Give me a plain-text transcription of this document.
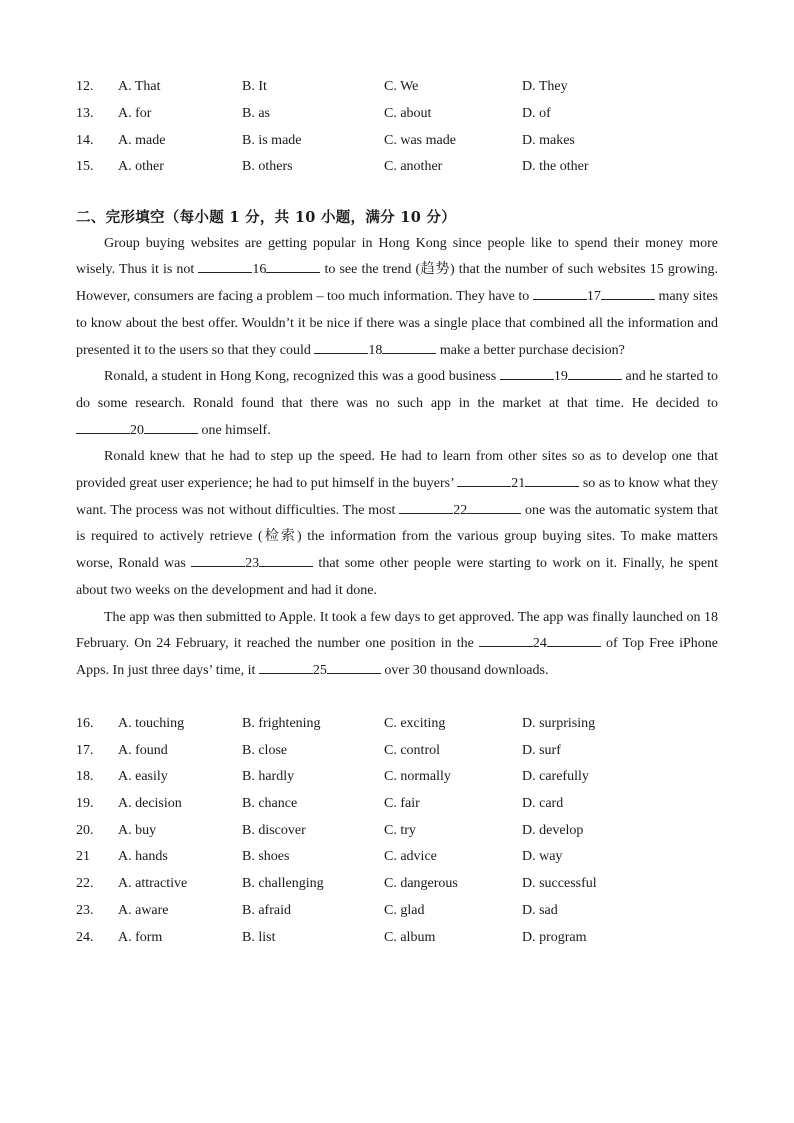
12.	A. That	B. It	C. We	D. They
13.	A. for	B. as	C. about	D. of
14.	A. made	B. is made	C. was made	D. makes
15.	A. other	B. others	C. another	D. the other
二、完形填空（每小题 1 分，共 10 小题，满分 10 分）

Group buying websites are getting popular in Hong Kong since people like to spend their money more wisely. Thus it is not	16	to see the trend (趋势) that the number of such websites 15 growing. However, consumers are facing a problem – too much information. They have to	17	many sites to know about the best offer. Wouldn’t it be nice if there was a single place that combined all the information and presented it to the users so that they could	18	make a better purchase decision?

Ronald, a student in Hong Kong, recognized this was a good business	19	and he started to do some research. Ronald found that there was no such app in the market at that time. He decided to 20	one himself.

Ronald knew that he had to step up the speed. He had to learn from other sites so as to develop one that provided great user experience; he had to put himself in the buyers’	21	so as to know what they want. The process was not without difficulties. The most	22	one was the automatic system that is required to actively retrieve (检索) the information from the various group buying sites. To make matters worse, Ronald was	23	that some other people were starting to work on it. Finally, he spent about two weeks on the development and had it done.

The app was then submitted to Apple. It took a few days to get approved. The app was finally launched on 18 February. On 24 February, it reached the number one position in the	24	of Top Free iPhone Apps. In just three days’ time, it	25	over 30 thousand downloads.

16.	A. touching	B. frightening	C. exciting	D. surprising
17.	A. found	B. close	C. control	D. surf
18.	A. easily	B. hardly	C. normally	D. carefully
19.	A. decision	B. chance	C. fair	D. card
20.	A. buy	B. discover	C. try	D. develop
21	A. hands	B. shoes	C. advice	D. way
22.	A. attractive	B. challenging	C. dangerous	D. successful
23.	A. aware	B. afraid	C. glad	D. sad
24.	A. form	B. list	C. album	D. program
